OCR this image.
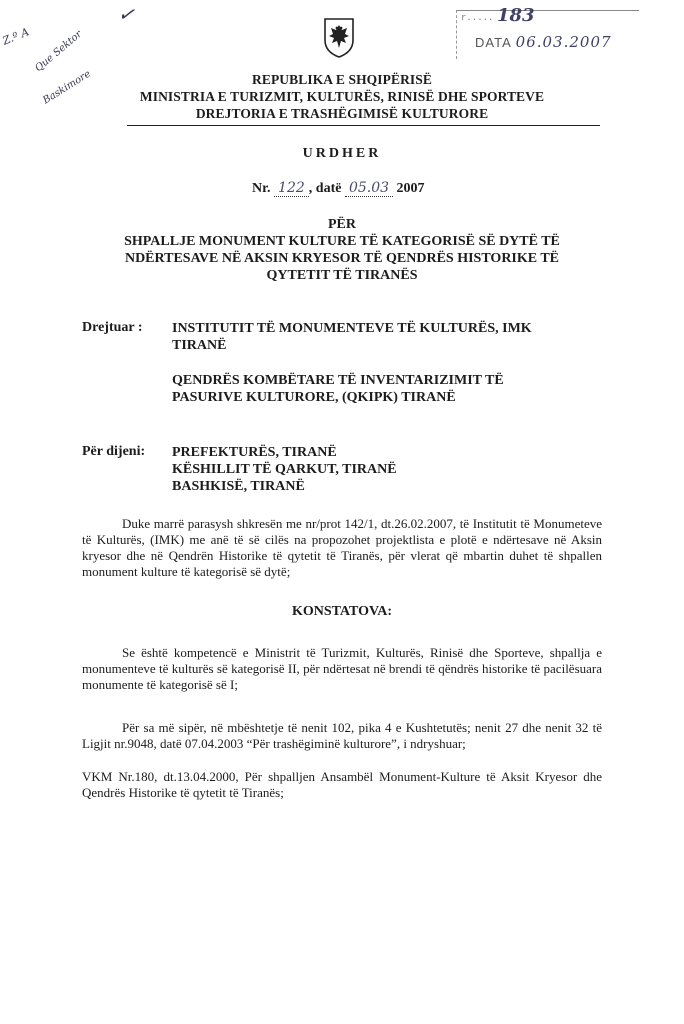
Z.º A Que Sektor
Baskimore
✓	r..... 183
DATA 06.03.2007
REPUBLIKA E SHQIPËRISË
MINISTRIA E TURIZMIT, KULTURËS, RINISË DHE SPORTEVE
DREJTORIA E TRASHËGIMISË KULTURORE
URDHER
Nr. 122 , datë 05.03 2007
PËR
SHPALLJE MONUMENT KULTURE TË KATEGORISË SË DYTË TË
NDËRTESAVE NË AKSIN KRYESOR TË QENDRËS HISTORIKE TË
QYTETIT TË TIRANËS
Drejtuar : INSTITUTIT TË MONUMENTEVE TË KULTURËS, IMK
TIRANË
QENDRËS KOMBËTARE TË INVENTARIZIMIT TË
PASURIVE KULTURORE, (QKIPK) TIRANË
Për dijeni: PREFEKTURËS, TIRANË
KËSHILLIT TË QARKUT, TIRANË
BASHKISË, TIRANË
Duke marrë parasysh shkresën me nr/prot 142/1, dt.26.02.2007, të Institutit të Monumeteve të Kulturës, (IMK) me anë të së cilës na propozohet projektlista e plotë e ndërtesave në Aksin kryesor dhe në Qendrën Historike të qytetit të Tiranës, për vlerat që mbartin duhet të shpallen monument kulture të kategorisë së dytë;
KONSTATOVA:
Se është kompetencë e Ministrit të Turizmit, Kulturës, Rinisë dhe Sporteve, shpallja e monumenteve të kulturës së kategorisë II, për ndërtesat në brendi të qëndrës historike të pacilësuara monumente të kategorisë së I;
Për sa më sipër, në mbështetje të nenit 102, pika 4 e Kushtetutës; nenit 27 dhe nenit 32 të Ligjit nr.9048, datë 07.04.2003 “Për trashëgiminë kulturore”, i ndryshuar;
VKM Nr.180, dt.13.04.2000, Për shpalljen Ansambël Monument-Kulture të Aksit Kryesor dhe Qendrës Historike të qytetit të Tiranës;
